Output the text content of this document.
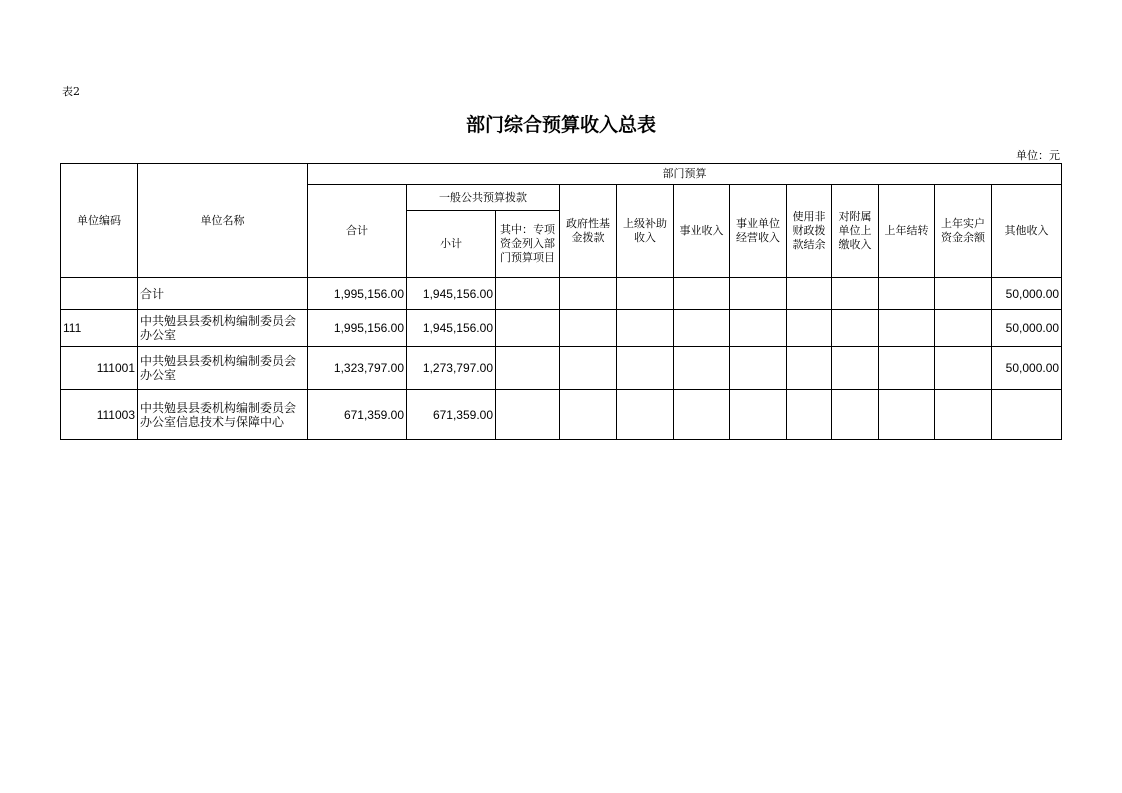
表2
部门综合预算收入总表
单位：元
单位编码	单位名称	部门预算											
		合计	一般公共预算拨款		政府性基金拨款	上级补助收入	事业收入	事业单位经营收入	使用非财政拨款结余	对附属单位上缴收入	上年结转	上年实户资金余额	其他收入
			小计	其中：专项资金列入部门预算项目									
	合计	1,995,156.00	1,945,156.00										50,000.00
111	中共勉县县委机构编制委员会办公室	1,995,156.00	1,945,156.00										50,000.00
111001	中共勉县县委机构编制委员会办公室	1,323,797.00	1,273,797.00										50,000.00
111003	中共勉县县委机构编制委员会办公室信息技术与保障中心	671,359.00	671,359.00										
